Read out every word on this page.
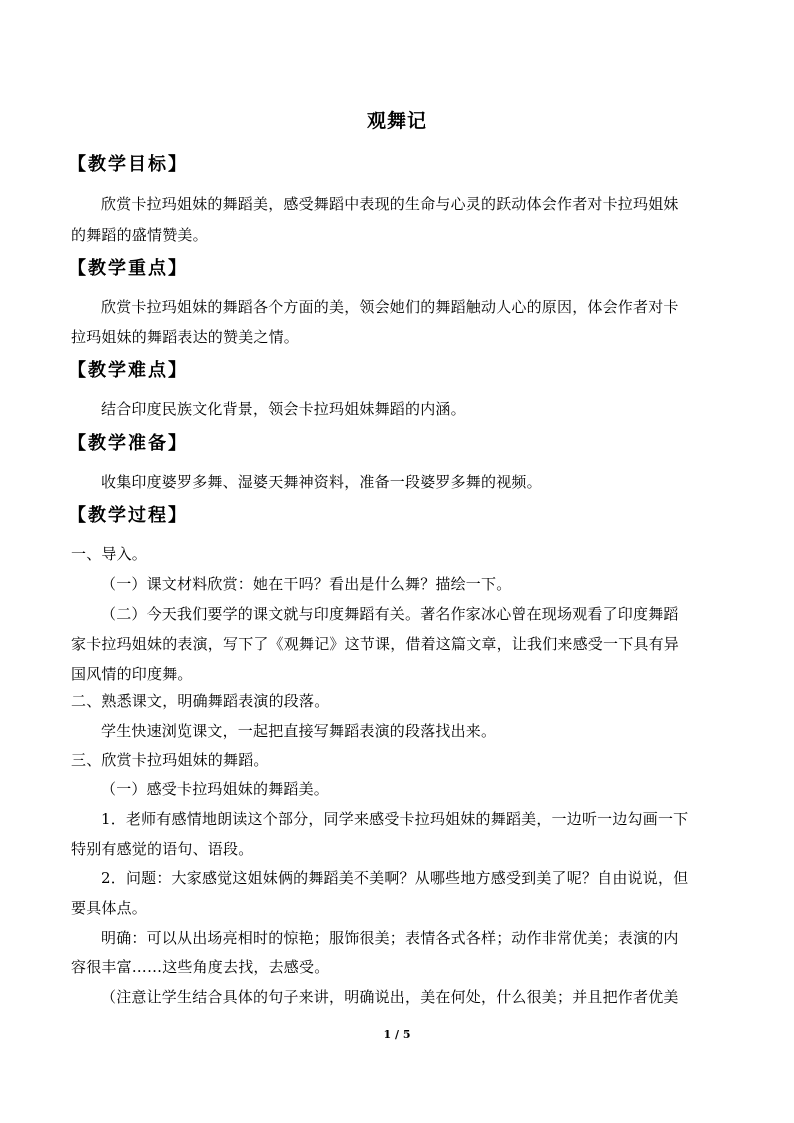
观舞记
【教学目标】
欣赏卡拉玛姐妹的舞蹈美，感受舞蹈中表现的生命与心灵的跃动体会作者对卡拉玛姐妹
的舞蹈的盛情赞美。
【教学重点】
欣赏卡拉玛姐妹的舞蹈各个方面的美，领会她们的舞蹈触动人心的原因，体会作者对卡
拉玛姐妹的舞蹈表达的赞美之情。
【教学难点】
结合印度民族文化背景，领会卡拉玛姐妹舞蹈的内涵。
【教学准备】
收集印度婆罗多舞、湿婆天舞神资料，准备一段婆罗多舞的视频。
【教学过程】
一、导入。
（一）课文材料欣赏：她在干吗？看出是什么舞？描绘一下。
（二）今天我们要学的课文就与印度舞蹈有关。著名作家冰心曾在现场观看了印度舞蹈
家卡拉玛姐妹的表演，写下了《观舞记》这节课，借着这篇文章，让我们来感受一下具有异
国风情的印度舞。
二、熟悉课文，明确舞蹈表演的段落。
学生快速浏览课文，一起把直接写舞蹈表演的段落找出来。
三、欣赏卡拉玛姐妹的舞蹈。
（一）感受卡拉玛姐妹的舞蹈美。
1．老师有感情地朗读这个部分，同学来感受卡拉玛姐妹的舞蹈美，一边听一边勾画一下
特别有感觉的语句、语段。
2．问题：大家感觉这姐妹俩的舞蹈美不美啊？从哪些地方感受到美了呢？自由说说，但
要具体点。
明确：可以从出场亮相时的惊艳；服饰很美；表情各式各样；动作非常优美；表演的内
容很丰富……这些角度去找，去感受。
（注意让学生结合具体的句子来讲，明确说出，美在何处，什么很美；并且把作者优美
1 / 5
